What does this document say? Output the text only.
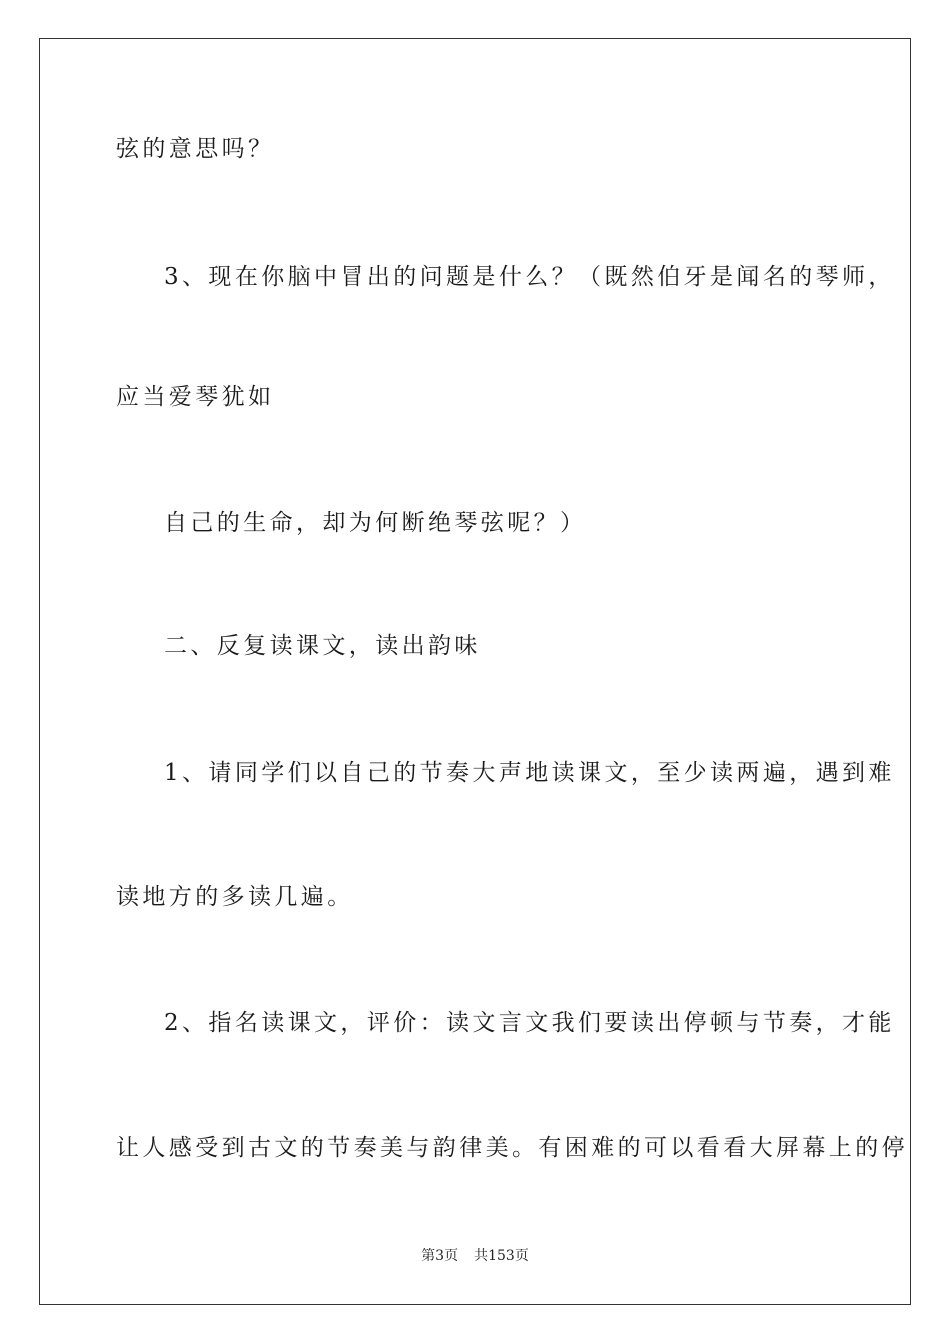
弦的意思吗？
3、现在你脑中冒出的问题是什么？（既然伯牙是闻名的琴师，
应当爱琴犹如
自己的生命，却为何断绝琴弦呢？）
二、反复读课文，读出韵味
1、请同学们以自己的节奏大声地读课文，至少读两遍，遇到难
读地方的多读几遍。
2、指名读课文，评价：读文言文我们要读出停顿与节奏，才能
让人感受到古文的节奏美与韵律美。有困难的可以看看大屏幕上的停
第3页 共153页
